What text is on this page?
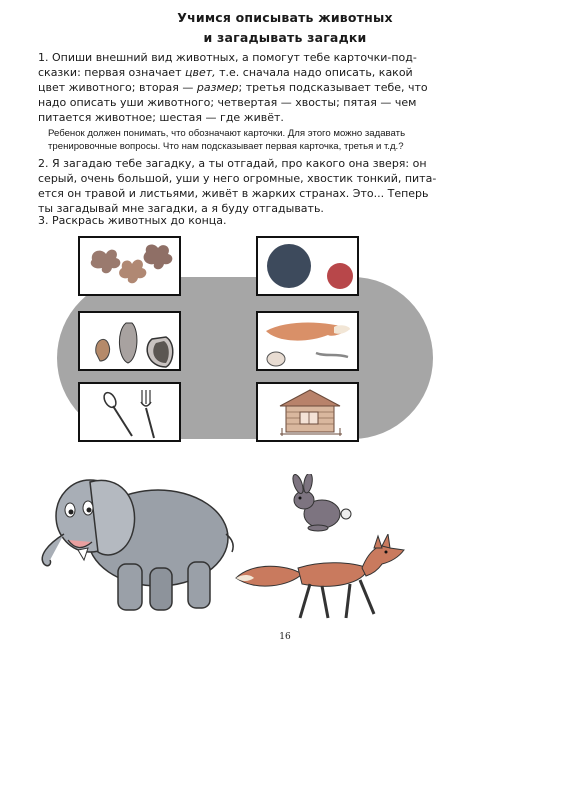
Учимся описывать животных
и загадывать загадки
1. Опиши внешний вид животных, а помогут тебе карточки-под-
сказки: первая означает цвет, т.е. сначала надо описать, какой
цвет животного; вторая — размер; третья подсказывает тебе, что
надо описать уши животного; четвертая — хвосты; пятая — чем
питается животное; шестая — где живёт.
Ребенок должен понимать, что обозначают карточки. Для этого можно задавать
тренировочные вопросы. Что нам подсказывает первая карточка, третья и т.д.?
2. Я загадаю тебе загадку, а ты отгадай, про какого она зверя: он
серый, очень большой, уши у него огромные, хвостик тонкий, пита-
ется он травой и листьями, живёт в жарких странах. Это... Теперь
ты загадывай мне загадки, а я буду отгадывать.
3. Раскрась животных до конца.
16
